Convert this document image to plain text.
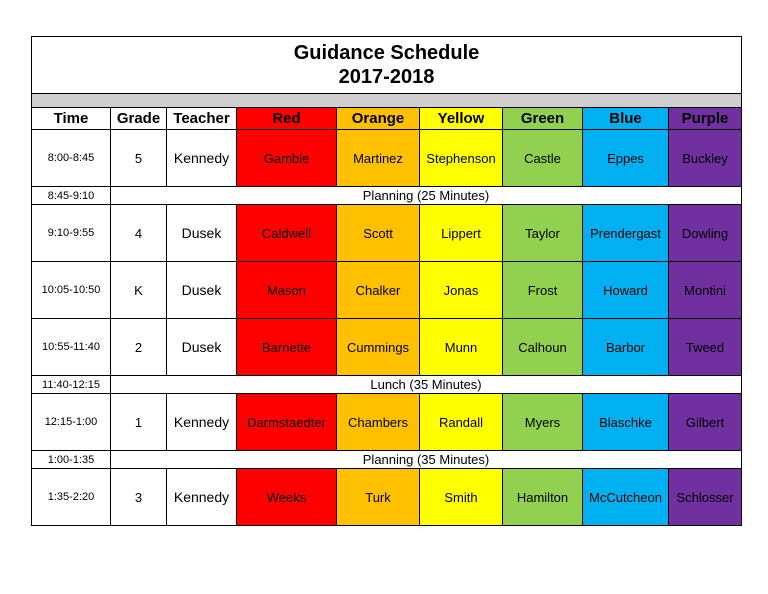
Guidance Schedule
2017-2018								

Time	Grade	Teacher	Red	Orange	Yellow	Green	Blue	Purple
8:00-8:45	5	Kennedy	Gamble	Martinez	Stephenson	Castle	Eppes	Buckley
8:45-9:10	Planning (25 Minutes)							
9:10-9:55	4	Dusek	Caldwell	Scott	Lippert	Taylor	Prendergast	Dowling
10:05-10:50	K	Dusek	Mason	Chalker	Jonas	Frost	Howard	Montini
10:55-11:40	2	Dusek	Barnette	Cummings	Munn	Calhoun	Barbor	Tweed
11:40-12:15	Lunch (35 Minutes)							
12:15-1:00	1	Kennedy	Darmstaedter	Chambers	Randall	Myers	Blaschke	Gilbert
1:00-1:35	Planning (35 Minutes)							
1:35-2:20	3	Kennedy	Weeks	Turk	Smith	Hamilton	McCutcheon	Schlosser
